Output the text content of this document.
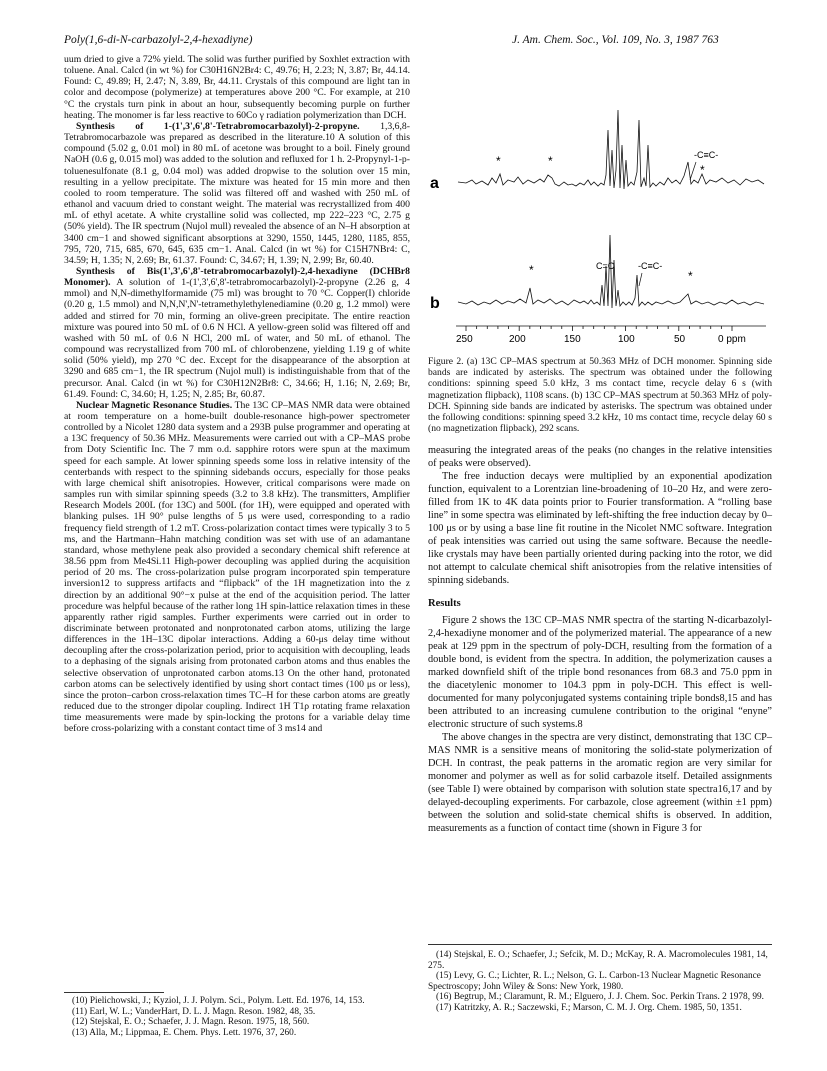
Poly(1,6-di-N-carbazolyl-2,4-hexadiyne)	J. Am. Chem. Soc., Vol. 109, No. 3, 1987 763

uum dried to give a 72% yield. The solid was further purified by Soxhlet extraction with toluene. Anal. Calcd (in wt %) for C30H16N2Br4: C, 49.76; H, 2.23; N, 3.87; Br, 44.14. Found: C, 49.89; H, 2.47; N, 3.89, Br, 44.11. Crystals of this compound are light tan in color and decompose (polymerize) at temperatures above 200 °C. For example, at 210 °C the crystals turn pink in about an hour, subsequently becoming purple on further heating. The monomer is far less reactive to 60Co γ radiation polymerization than DCH.

Synthesis of 1-(1',3',6',8'-Tetrabromocarbazolyl)-2-propyne. 1,3,6,8-Tetrabromocarbazole was prepared as described in the literature.10 A solution of this compound (5.02 g, 0.01 mol) in 80 mL of acetone was brought to a boil. Finely ground NaOH (0.6 g, 0.015 mol) was added to the solution and refluxed for 1 h. 2-Propynyl-1-p-toluenesulfonate (8.1 g, 0.04 mol) was added dropwise to the solution over 15 min, resulting in a yellow precipitate. The mixture was heated for 15 min more and then cooled to room temperature. The solid was filtered off and washed with 250 mL of ethanol and vacuum dried to constant weight. The material was recrystallized from 400 mL of ethyl acetate. A white crystalline solid was collected, mp 222–223 °C, 2.75 g (50% yield). The IR spectrum (Nujol mull) revealed the absence of an N–H absorption at 3400 cm−1 and showed significant absorptions at 3290, 1550, 1445, 1280, 1185, 855, 795, 720, 715, 685, 670, 645, 635 cm−1. Anal. Calcd (in wt %) for C15H7NBr4: C, 34.59; H, 1.35; N, 2.69; Br, 61.37. Found: C, 34.67; H, 1.39; N, 2.99; Br, 60.40.

Synthesis of Bis(1',3',6',8'-tetrabromocarbazolyl)-2,4-hexadiyne (DCHBr8 Monomer). A solution of 1-(1',3',6',8'-tetrabromocarbazolyl)-2-propyne (2.26 g, 4 mmol) and N,N-dimethylformamide (75 ml) was brought to 70 °C. Copper(I) chloride (0.20 g, 1.5 mmol) and N,N,N',N'-tetramethylethylenediamine (0.20 g, 1.2 mmol) were added and stirred for 70 min, forming an olive-green precipitate. The entire reaction mixture was poured into 50 mL of 0.6 N HCl. A yellow-green solid was filtered off and washed with 50 mL of 0.6 N HCl, 200 mL of water, and 50 mL of ethanol. The compound was recrystallized from 700 mL of chlorobenzene, yielding 1.19 g of white solid (50% yield), mp 270 °C dec. Except for the disappearance of the absorption at 3290 and 685 cm−1, the IR spectrum (Nujol mull) is indistinguishable from that of the precursor. Anal. Calcd (in wt %) for C30H12N2Br8: C, 34.66; H, 1.16; N, 2.69; Br, 61.49. Found: C, 34.60; H, 1.25; N, 2.85; Br, 60.87.

Nuclear Magnetic Resonance Studies. The 13C CP–MAS NMR data were obtained at room temperature on a home-built double-resonance high-power spectrometer controlled by a Nicolet 1280 data system and a 293B pulse programmer and operating at a 13C frequency of 50.36 MHz. Measurements were carried out with a CP–MAS probe from Doty Scientific Inc. The 7 mm o.d. sapphire rotors were spun at the maximum speed for each sample. At lower spinning speeds some loss in relative intensity of the centerbands with respect to the spinning sidebands occurs, especially for those peaks with large chemical shift anisotropies. However, critical comparisons were made on samples run with similar spinning speeds (3.2 to 3.8 kHz). The transmitters, Amplifier Research Models 200L (for 13C) and 500L (for 1H), were equipped and operated with blanking pulses. 1H 90° pulse lengths of 5 μs were used, corresponding to a radio frequency field strength of 1.2 mT. Cross-polarization contact times were typically 3 to 5 ms, and the Hartmann–Hahn matching condition was set with use of an adamantane standard, whose methylene peak also provided a secondary chemical shift reference at 38.56 ppm from Me4Si.11 High-power decoupling was applied during the acquisition period of 20 ms. The cross-polarization pulse program incorporated spin temperature inversion12 to suppress artifacts and “flipback” of the 1H magnetization into the z direction by an additional 90°−x pulse at the end of the acquisition period. The latter procedure was helpful because of the rather long 1H spin-lattice relaxation times in these apparently rather rigid samples. Further experiments were carried out in order to discriminate between protonated and nonprotonated carbon atoms, utilizing the large differences in the 1H–13C dipolar interactions. Adding a 60-μs delay time without decoupling after the cross-polarization period, prior to acquisition with decoupling, leads to a dephasing of the signals arising from protonated carbon atoms and thus enables the selective observation of unprotonated carbon atoms.13 On the other hand, protonated carbon atoms can be selectively identified by using short contact times (100 μs or less), since the proton–carbon cross-relaxation times TC–H for these carbon atoms are greatly reduced due to the stronger dipolar coupling. Indirect 1H T1ρ rotating frame relaxation time measurements were made by spin-locking the protons for a variable delay time before cross-polarizing with a constant contact time of 3 ms14 and

(10) Pielichowski, J.; Kyziol, J. J. Polym. Sci., Polym. Lett. Ed. 1976, 14, 153.

(11) Earl, W. L.; VanderHart, D. L. J. Magn. Reson. 1982, 48, 35.

(12) Stejskal, E. O.; Schaefer, J. J. Magn. Reson. 1975, 18, 560.

(13) Alla, M.; Lippmaa, E. Chem. Phys. Lett. 1976, 37, 260.

a
b
-C≡C-
C=C	-C≡C-
*	*
*
*	*
250	200	150	100	50	0 ppm
Figure 2. (a) 13C CP–MAS spectrum at 50.363 MHz of DCH monomer. Spinning side bands are indicated by asterisks. The spectrum was obtained under the following conditions: spinning speed 5.0 kHz, 3 ms contact time, recycle delay 6 s (with magnetization flipback), 1108 scans. (b) 13C CP–MAS spectrum at 50.363 MHz of poly-DCH. Spinning side bands are indicated by asterisks. The spectrum was obtained under the following conditions: spinning speed 3.2 kHz, 10 ms contact time, recycle delay 60 s (no magnetization flipback), 292 scans.

measuring the integrated areas of the peaks (no changes in the relative intensities of peaks were observed).

The free induction decays were multiplied by an exponential apodization function, equivalent to a Lorentzian line-broadening of 10–20 Hz, and were zero-filled from 1K to 4K data points prior to Fourier transformation. A “rolling base line” in some spectra was eliminated by left-shifting the free induction decay by 0–100 μs or by using a base line fit routine in the Nicolet NMC software. Integration of peak intensities was carried out using the same software. Because the needle-like crystals may have been partially oriented during packing into the rotor, we did not attempt to calculate chemical shift anisotropies from the relative intensities of spinning sidebands.

Results

Figure 2 shows the 13C CP–MAS NMR spectra of the starting N-dicarbazolyl-2,4-hexadiyne monomer and of the polymerized material. The appearance of a new peak at 129 ppm in the spectrum of poly-DCH, resulting from the formation of a double bond, is evident from the spectra. In addition, the polymerization causes a marked downfield shift of the triple bond resonances from 68.3 and 75.0 ppm in the diacetylenic monomer to 104.3 ppm in poly-DCH. This effect is well-documented for many polyconjugated systems containing triple bonds8,15 and has been attributed to an increasing cumulene contribution to the original “enyne” electronic structure of such systems.8

The above changes in the spectra are very distinct, demonstrating that 13C CP–MAS NMR is a sensitive means of monitoring the solid-state polymerization of DCH. In contrast, the peak patterns in the aromatic region are very similar for monomer and polymer as well as for solid carbazole itself. Detailed assignments (see Table I) were obtained by comparison with solution state spectra16,17 and by delayed-decoupling experiments. For carbazole, close agreement (within ±1 ppm) between the solution and solid-state chemical shifts is observed. In addition, measurements as a function of contact time (shown in Figure 3 for

(14) Stejskal, E. O.; Schaefer, J.; Sefcik, M. D.; McKay, R. A. Macromolecules 1981, 14, 275.

(15) Levy, G. C.; Lichter, R. L.; Nelson, G. L. Carbon-13 Nuclear Magnetic Resonance Spectroscopy; John Wiley & Sons: New York, 1980.

(16) Begtrup, M.; Claramunt, R. M.; Elguero, J. J. Chem. Soc. Perkin Trans. 2 1978, 99.

(17) Katritzky, A. R.; Saczewski, F.; Marson, C. M. J. Org. Chem. 1985, 50, 1351.
